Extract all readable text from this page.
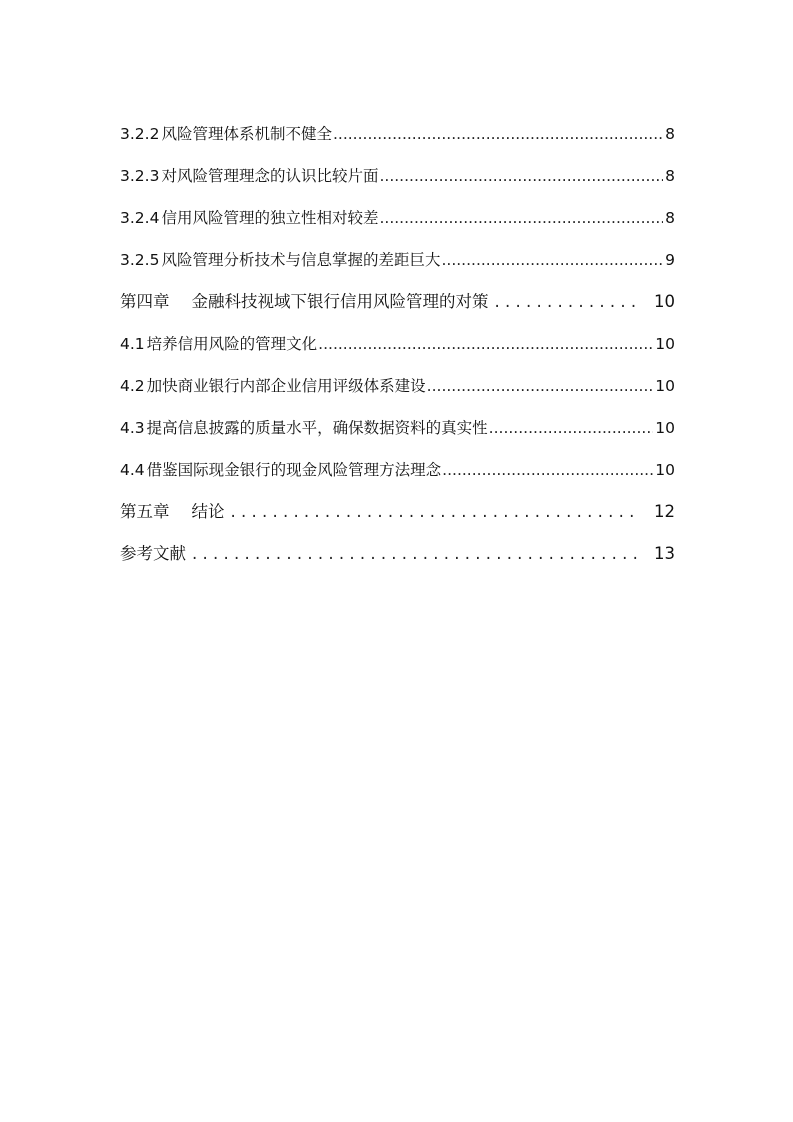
3.2.2 风险管理体系机制不健全 .....	8
3.2.3 对风险管理理念的认识比较片面 .....	8
3.2.4 信用风险管理的独立性相对较差 .....	8
3.2.5 风险管理分析技术与信息掌握的差距巨大 .....	9
第四章 金融科技视域下银行信用风险管理的对策 . . .	10
4.1 培养信用风险的管理文化 .....	10
4.2 加快商业银行内部企业信用评级体系建设 .....	10
4.3 提高信息披露的质量水平，确保数据资料的真实性 .....	10
4.4 借鉴国际现金银行的现金风险管理方法理念 .....	10
第五章 结论 . . .	12
参考文献 . . .	13
